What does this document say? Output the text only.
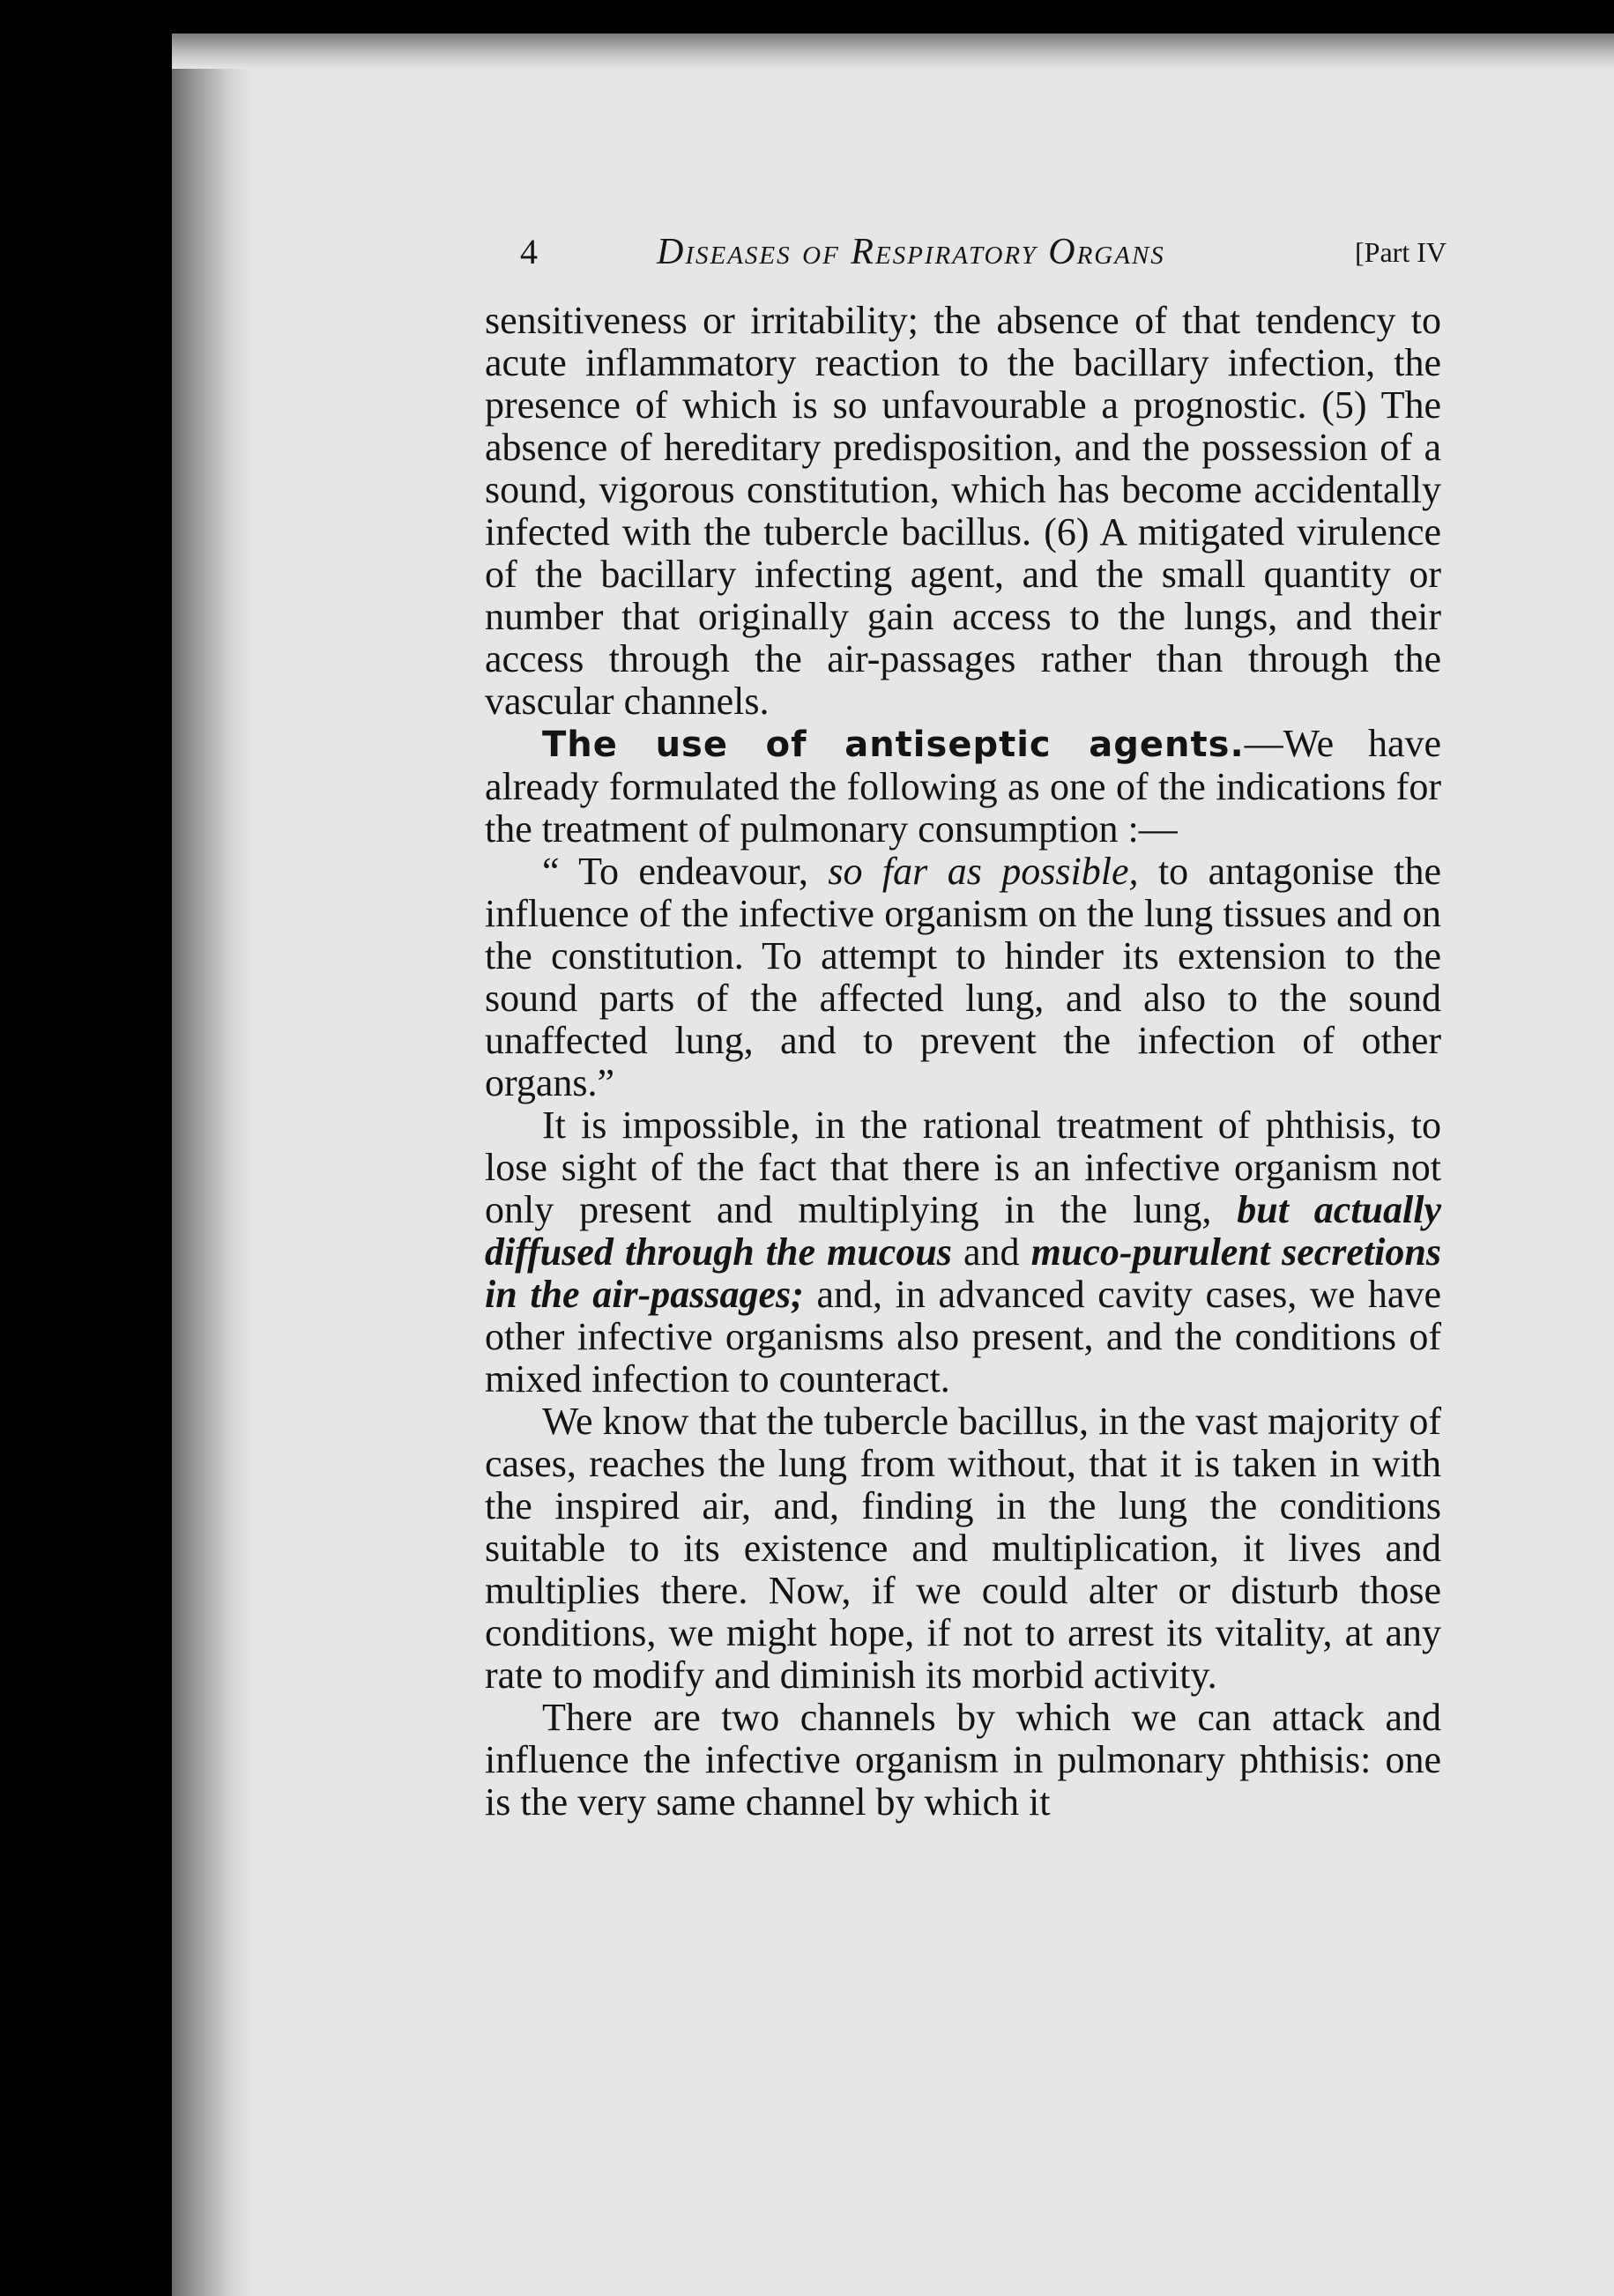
4	Diseases of Respiratory Organs	[Part IV

sensitiveness or irritability; the absence of that tendency to acute inflammatory reaction to the bacillary infection, the presence of which is so unfavourable a prognostic. (5) The absence of hereditary predisposition, and the possession of a sound, vigorous constitution, which has become accidentally infected with the tubercle bacillus. (6) A mitigated virulence of the bacillary infecting agent, and the small quantity or number that originally gain access to the lungs, and their access through the air-passages rather than through the vascular channels.

The use of antiseptic agents.—We have already formulated the following as one of the indications for the treatment of pulmonary consumption :—

“ To endeavour, so far as possible, to antagonise the influence of the infective organism on the lung tissues and on the constitution. To attempt to hinder its extension to the sound parts of the affected lung, and also to the sound unaffected lung, and to prevent the infection of other organs.”

It is impossible, in the rational treatment of phthisis, to lose sight of the fact that there is an infective organism not only present and multiplying in the lung, but actually diffused through the mucous and muco-purulent secretions in the air-passages; and, in advanced cavity cases, we have other infective organisms also present, and the conditions of mixed infection to counteract.

We know that the tubercle bacillus, in the vast majority of cases, reaches the lung from without, that it is taken in with the inspired air, and, finding in the lung the conditions suitable to its existence and multiplication, it lives and multiplies there. Now, if we could alter or disturb those conditions, we might hope, if not to arrest its vitality, at any rate to modify and diminish its morbid activity.

There are two channels by which we can attack and influence the infective organism in pulmonary phthisis: one is the very same channel by which it
